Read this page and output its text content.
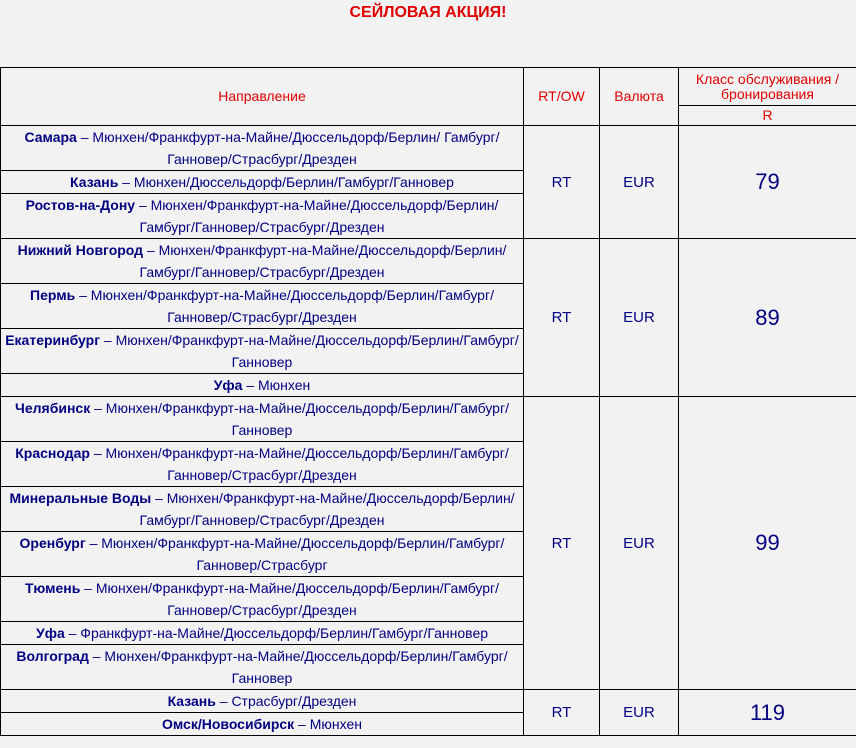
СЕЙЛОВАЯ АКЦИЯ!
Направление	RT/OW	Валюта	Класс обслуживания /
бронирования
			R
Самара – Мюнхен/Франкфурт-на-Майне/Дюссельдорф/Берлин/ Гамбург/Ганновер/Страсбург/Дрезден	RT	EUR	79
Казань – Мюнхен/Дюссельдорф/Берлин/Гамбург/Ганновер			
Ростов-на-Дону – Мюнхен/Франкфурт-на-Майне/Дюссельдорф/Берлин/Гамбург/Ганновер/Страсбург/Дрезден			
Нижний Новгород – Мюнхен/Франкфурт-на-Майне/Дюссельдорф/Берлин/Гамбург/Ганновер/Страсбург/Дрезден	RT	EUR	89
Пермь – Мюнхен/Франкфурт-на-Майне/Дюссельдорф/Берлин/Гамбург/Ганновер/Страсбург/Дрезден			
Екатеринбург – Мюнхен/Франкфурт-на-Майне/Дюссельдорф/Берлин/Гамбург/Ганновер			
Уфа – Мюнхен			
Челябинск – Мюнхен/Франкфурт-на-Майне/Дюссельдорф/Берлин/Гамбург/Ганновер	RT	EUR	99
Краснодар – Мюнхен/Франкфурт-на-Майне/Дюссельдорф/Берлин/Гамбург/Ганновер/Страсбург/Дрезден			
Минеральные Воды – Мюнхен/Франкфурт-на-Майне/Дюссельдорф/Берлин/Гамбург/Ганновер/Страсбург/Дрезден			
Оренбург – Мюнхен/Франкфурт-на-Майне/Дюссельдорф/Берлин/Гамбург/Ганновер/Страсбург			
Тюмень – Мюнхен/Франкфурт-на-Майне/Дюссельдорф/Берлин/Гамбург/Ганновер/Страсбург/Дрезден			
Уфа – Франкфурт-на-Майне/Дюссельдорф/Берлин/Гамбург/Ганновер			
Волгоград – Мюнхен/Франкфурт-на-Майне/Дюссельдорф/Берлин/Гамбург/Ганновер			
Казань – Страсбург/Дрезден	RT	EUR	119
Омск/Новосибирск – Мюнхен			
